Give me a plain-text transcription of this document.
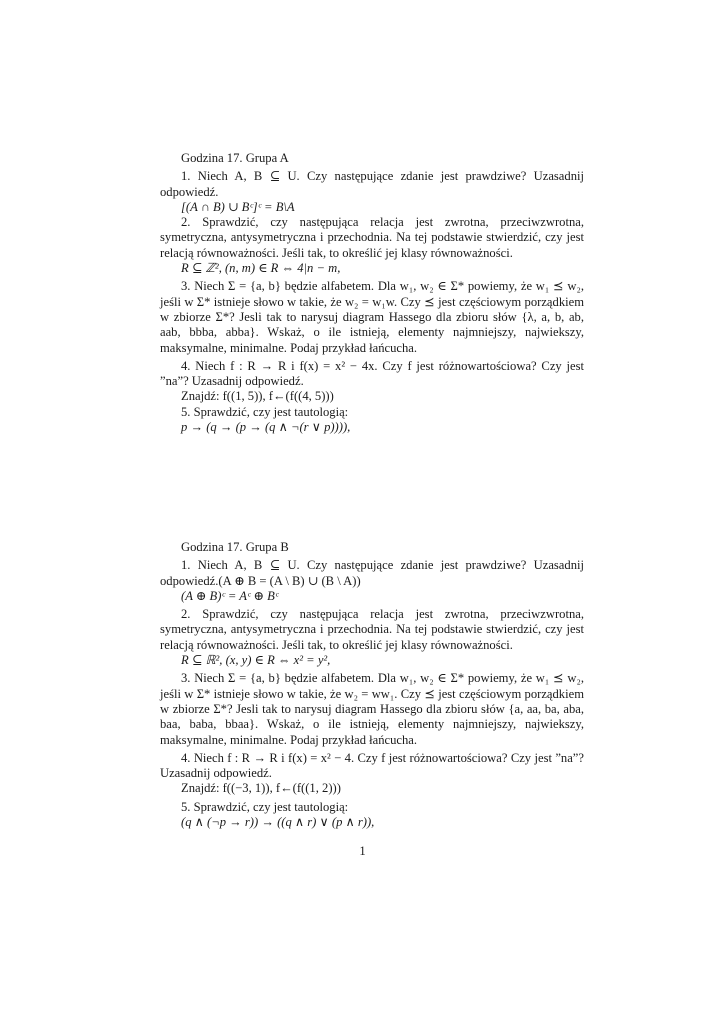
Godzina 17. Grupa A

1. Niech A, B ⊆ U. Czy następujące zdanie jest prawdziwe? Uzasadnij odpowiedź.

[(A ∩ B) ∪ Bᶜ]ᶜ = B\A

2. Sprawdzić, czy następująca relacja jest zwrotna, przeciwzwrotna, symetryczna, antysymetryczna i przechodnia. Na tej podstawie stwierdzić, czy jest relacją równoważności. Jeśli tak, to określić jej klasy równoważności.

R ⊆ ℤ², (n, m) ∈ R ⇔ 4|n − m,

3. Niech Σ = {a, b} będzie alfabetem. Dla w₁, w₂ ∈ Σ* powiemy, że w₁ ⪯ w₂, jeśli w Σ* istnieje słowo w takie, że w₂ = w₁w. Czy ⪯ jest częściowym porządkiem w zbiorze Σ*? Jesli tak to narysuj diagram Hassego dla zbioru słów {λ, a, b, ab, aab, bbba, abba}. Wskaż, o ile istnieją, elementy najmniejszy, najwiekszy, maksymalne, minimalne. Podaj przykład łańcucha.

4. Niech f : R → R i f(x) = x² − 4x. Czy f jest różnowartościowa? Czy jest ”na”? Uzasadnij odpowiedź.

Znajdź: f((1, 5)), f←(f((4, 5)))

5. Sprawdzić, czy jest tautologią:

p → (q → (p → (q ∧ ¬(r ∨ p)))),

Godzina 17. Grupa B

1. Niech A, B ⊆ U. Czy następujące zdanie jest prawdziwe? Uzasadnij odpowiedź.(A ⊕ B = (A \ B) ∪ (B \ A))

(A ⊕ B)ᶜ = Aᶜ ⊕ Bᶜ

2. Sprawdzić, czy następująca relacja jest zwrotna, przeciwzwrotna, symetryczna, antysymetryczna i przechodnia. Na tej podstawie stwierdzić, czy jest relacją równoważności. Jeśli tak, to określić jej klasy równoważności.

R ⊆ ℝ², (x, y) ∈ R ⇔ x² = y²,

3. Niech Σ = {a, b} będzie alfabetem. Dla w₁, w₂ ∈ Σ* powiemy, że w₁ ⪯ w₂, jeśli w Σ* istnieje słowo w takie, że w₂ = ww₁. Czy ⪯ jest częściowym porządkiem w zbiorze Σ*? Jesli tak to narysuj diagram Hassego dla zbioru słów {a, aa, ba, aba, baa, baba, bbaa}. Wskaż, o ile istnieją, elementy najmniejszy, najwiekszy, maksymalne, minimalne. Podaj przykład łańcucha.

4. Niech f : R → R i f(x) = x² − 4. Czy f jest różnowartościowa? Czy jest ”na”? Uzasadnij odpowiedź.

Znajdź: f((−3, 1)), f←(f((1, 2)))

5. Sprawdzić, czy jest tautologią:

(q ∧ (¬p → r)) → ((q ∧ r) ∨ (p ∧ r)),

1
